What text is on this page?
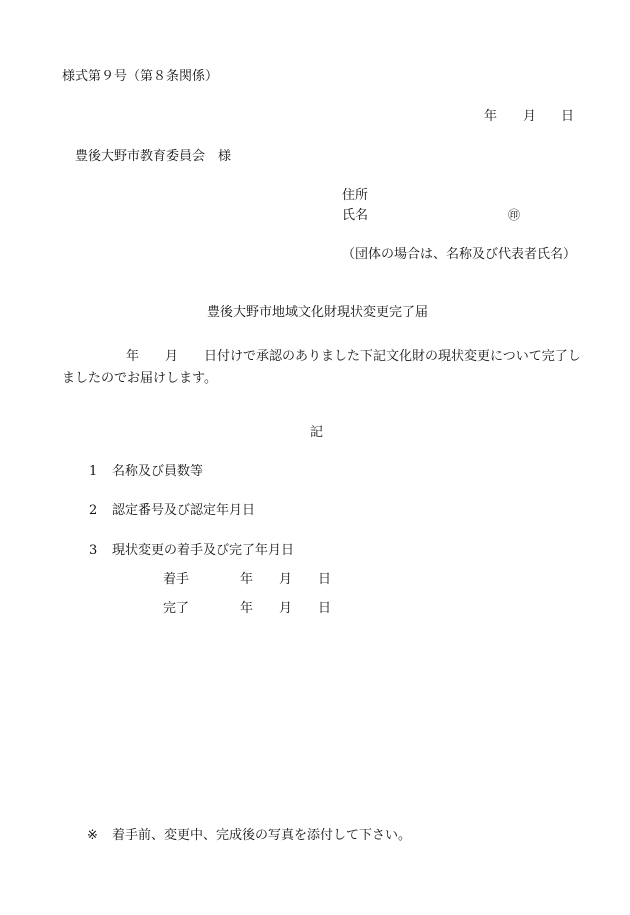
様式第９号（第８条関係）
年 月 日
豊後大野市教育委員会　様
住所
氏名	㊞
（団体の場合は、名称及び代表者氏名）
豊後大野市地域文化財現状変更完了届
年 月 日付けで承認のありました下記文化財の現状変更について完了し
ましたのでお届けします。
記
1 名称及び員数等
2 認定番号及び認定年月日
3 現状変更の着手及び完了年月日
着手	年 月 日
完了	年 月 日
※ 着手前、変更中、完成後の写真を添付して下さい。
